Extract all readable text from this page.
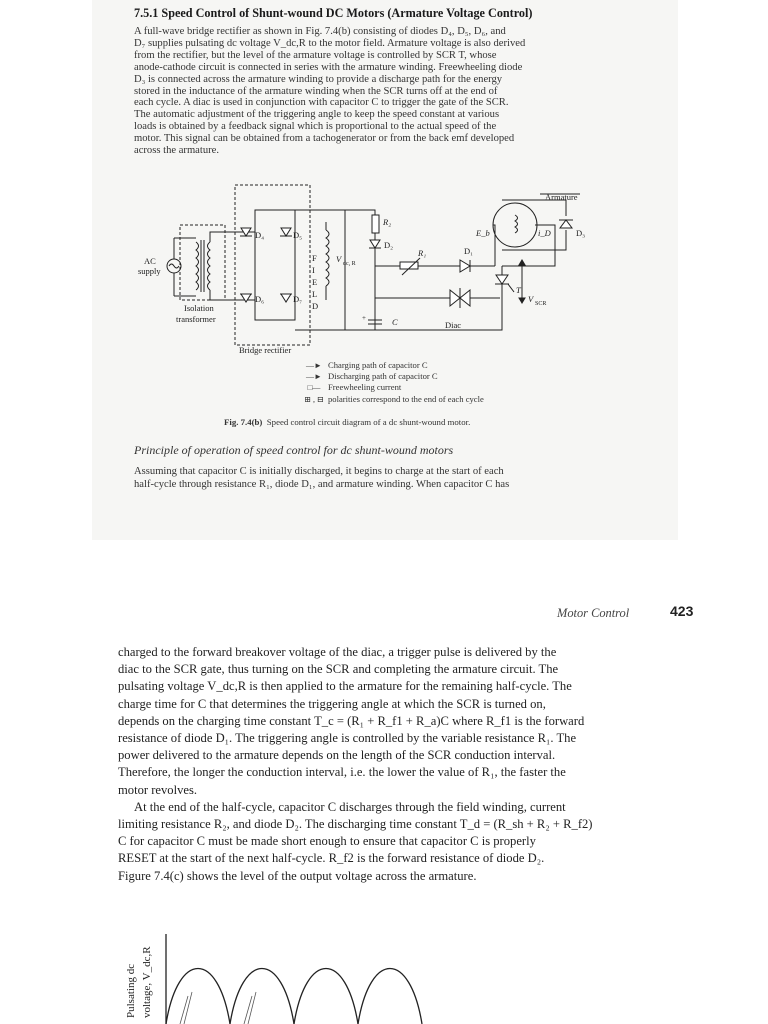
7.5.1 Speed Control of Shunt-wound DC Motors (Armature Voltage Control)
A full-wave bridge rectifier as shown in Fig. 7.4(b) consisting of diodes D₄, D₅, D₆, and
D₇ supplies pulsating dc voltage V_dc,R to the motor field. Armature voltage is also derived
from the rectifier, but the level of the armature voltage is controlled by SCR T, whose
anode-cathode circuit is connected in series with the armature winding. Freewheeling diode
D₃ is connected across the armature winding to provide a discharge path for the energy
stored in the inductance of the armature winding when the SCR turns off at the end of
each cycle. A diac is used in conjunction with capacitor C to trigger the gate of the SCR.
The automatic adjustment of the triggering angle to keep the speed constant at various
loads is obtained by a feedback signal which is proportional to the actual speed of the
motor. This signal can be obtained from a tachogenerator or from the back emf developed
across the armature.
AC
supply
Isolation
transformer
Bridge rectifier
D₄	D₅
D₆	D₇
F
I
E
L
D
V dc, R
R₂
D₂
R₁	D₁
C	Diac
E_b	i_D	D₃
Armature
T
V SCR
+
−
—► Charging path of capacitor C
—► Discharging path of capacitor C
□— Freewheeling current
⊞ , ⊟ polarities correspond to the end of each cycle
Fig. 7.4(b) Speed control circuit diagram of a dc shunt-wound motor.
Principle of operation of speed control for dc shunt-wound motors
Assuming that capacitor C is initially discharged, it begins to charge at the start of each
half-cycle through resistance R₁, diode D₁, and armature winding. When capacitor C has
Motor Control	423
charged to the forward breakover voltage of the diac, a trigger pulse is delivered by the
diac to the SCR gate, thus turning on the SCR and completing the armature circuit. The
pulsating voltage V_dc,R is then applied to the armature for the remaining half-cycle. The
charge time for C that determines the triggering angle at which the SCR is turned on,
depends on the charging time constant T_c = (R₁ + R_f1 + R_a)C where R_f1 is the forward
resistance of diode D₁. The triggering angle is controlled by the variable resistance R₁. The
power delivered to the armature depends on the length of the SCR conduction interval.
Therefore, the longer the conduction interval, i.e. the lower the value of R₁, the faster the
motor revolves.
At the end of the half-cycle, capacitor C discharges through the field winding, current
limiting resistance R₂, and diode D₂. The discharging time constant T_d = (R_sh + R₂ + R_f2)
C for capacitor C must be made short enough to ensure that capacitor C is properly
RESET at the start of the next half-cycle. R_f2 is the forward resistance of diode D₂.
Figure 7.4(c) shows the level of the output voltage across the armature.
Pulsating dc voltage, V_dc,R
